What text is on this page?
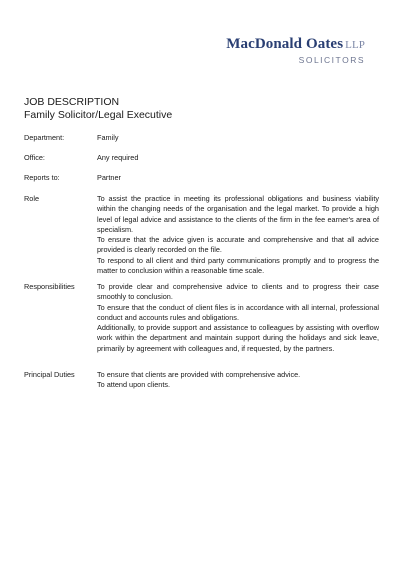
MacDonald Oates LLP
SOLICITORS
JOB DESCRIPTION
Family Solicitor/Legal Executive
Department:	Family
Office:	Any required
Reports to:	Partner
Role	To assist the practice in meeting its professional obligations and business viability within the changing needs of the organisation and the legal market. To provide a high level of legal advice and assistance to the clients of the firm in the fee earner's area of specialism.

To ensure that the advice given is accurate and comprehensive and that all advice provided is clearly recorded on the file.

To respond to all client and third party communications promptly and to progress the matter to conclusion within a reasonable time scale.

Responsibilities	To provide clear and comprehensive advice to clients and to progress their case smoothly to conclusion.

To ensure that the conduct of client files is in accordance with all internal, professional conduct and accounts rules and obligations.

Additionally, to provide support and assistance to colleagues by assisting with overflow work within the department and maintain support during the holidays and sick leave, primarily by agreement with colleagues and, if requested, by the partners.

Principal Duties	To ensure that clients are provided with comprehensive advice.

To attend upon clients.
